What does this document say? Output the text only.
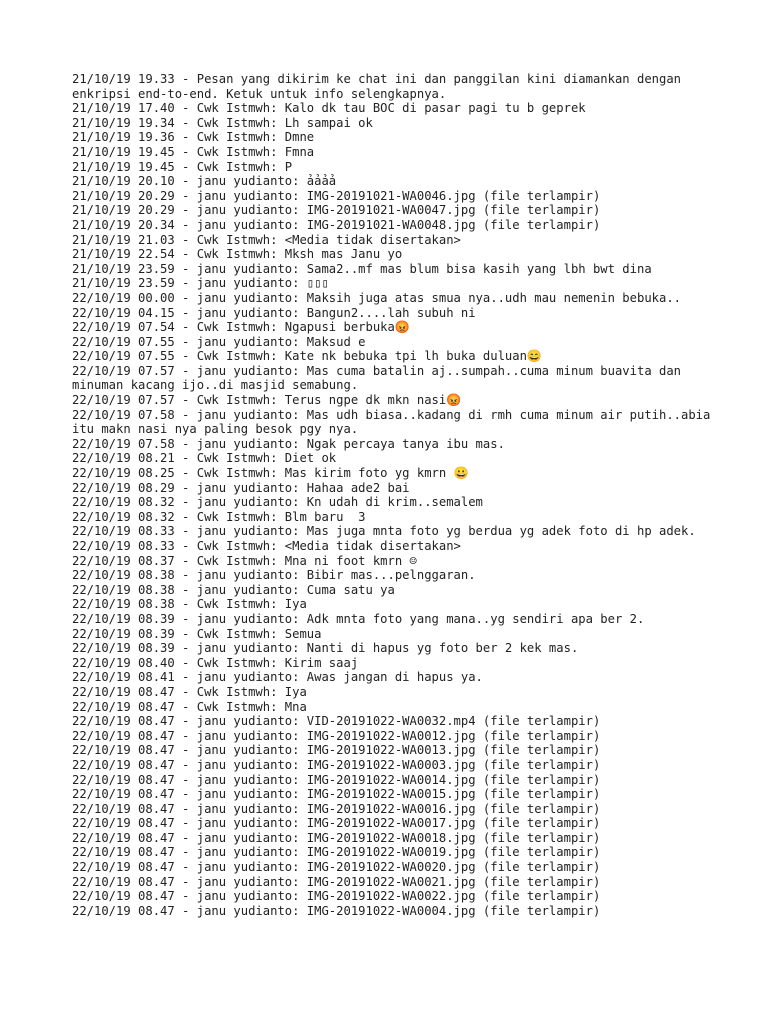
21/10/19 19.33 - Pesan yang dikirim ke chat ini dan panggilan kini diamankan dengan enkripsi end-to-end. Ketuk untuk info selengkapnya.
21/10/19 17.40 - Cwk Istmwh: Kalo dk tau BOC di pasar pagi tu b geprek
21/10/19 19.34 - Cwk Istmwh: Lh sampai ok
21/10/19 19.36 - Cwk Istmwh: Dmne
21/10/19 19.45 - Cwk Istmwh: Fmna
21/10/19 19.45 - Cwk Istmwh: P
21/10/19 20.10 - janu yudianto: ảảảả
21/10/19 20.29 - janu yudianto: IMG-20191021-WA0046.jpg (file terlampir)
21/10/19 20.29 - janu yudianto: IMG-20191021-WA0047.jpg (file terlampir)
21/10/19 20.34 - janu yudianto: IMG-20191021-WA0048.jpg (file terlampir)
21/10/19 21.03 - Cwk Istmwh: <Media tidak disertakan>
21/10/19 22.54 - Cwk Istmwh: Mksh mas Janu yo
21/10/19 23.59 - janu yudianto: Sama2..mf mas blum bisa kasih yang lbh bwt dina
21/10/19 23.59 - janu yudianto: ▯▯▯
22/10/19 00.00 - janu yudianto: Maksih juga atas smua nya..udh mau nemenin bebuka..
22/10/19 04.15 - janu yudianto: Bangun2....lah subuh ni
22/10/19 07.54 - Cwk Istmwh: Ngapusi berbuka😡
22/10/19 07.55 - janu yudianto: Maksud e
22/10/19 07.55 - Cwk Istmwh: Kate nk bebuka tpi lh buka duluan😄
22/10/19 07.57 - janu yudianto: Mas cuma batalin aj..sumpah..cuma minum buavita dan minuman kacang ijo..di masjid semabung.
22/10/19 07.57 - Cwk Istmwh: Terus ngpe dk mkn nasi😡
22/10/19 07.58 - janu yudianto: Mas udh biasa..kadang di rmh cuma minum air putih..abia itu makn nasi nya paling besok pgy nya.
22/10/19 07.58 - janu yudianto: Ngak percaya tanya ibu mas.
22/10/19 08.21 - Cwk Istmwh: Diet ok
22/10/19 08.25 - Cwk Istmwh: Mas kirim foto yg kmrn 😀
22/10/19 08.29 - janu yudianto: Hahaa ade2 bai
22/10/19 08.32 - janu yudianto: Kn udah di krim..semalem
22/10/19 08.32 - Cwk Istmwh: Blm baru  3
22/10/19 08.33 - janu yudianto: Mas juga mnta foto yg berdua yg adek foto di hp adek.
22/10/19 08.33 - Cwk Istmwh: <Media tidak disertakan>
22/10/19 08.37 - Cwk Istmwh: Mna ni foot kmrn ☺
22/10/19 08.38 - janu yudianto: Bibir mas...pelnggaran.
22/10/19 08.38 - janu yudianto: Cuma satu ya
22/10/19 08.38 - Cwk Istmwh: Iya
22/10/19 08.39 - janu yudianto: Adk mnta foto yang mana..yg sendiri apa ber 2.
22/10/19 08.39 - Cwk Istmwh: Semua
22/10/19 08.39 - janu yudianto: Nanti di hapus yg foto ber 2 kek mas.
22/10/19 08.40 - Cwk Istmwh: Kirim saaj
22/10/19 08.41 - janu yudianto: Awas jangan di hapus ya.
22/10/19 08.47 - Cwk Istmwh: Iya
22/10/19 08.47 - Cwk Istmwh: Mna
22/10/19 08.47 - janu yudianto: VID-20191022-WA0032.mp4 (file terlampir)
22/10/19 08.47 - janu yudianto: IMG-20191022-WA0012.jpg (file terlampir)
22/10/19 08.47 - janu yudianto: IMG-20191022-WA0013.jpg (file terlampir)
22/10/19 08.47 - janu yudianto: IMG-20191022-WA0003.jpg (file terlampir)
22/10/19 08.47 - janu yudianto: IMG-20191022-WA0014.jpg (file terlampir)
22/10/19 08.47 - janu yudianto: IMG-20191022-WA0015.jpg (file terlampir)
22/10/19 08.47 - janu yudianto: IMG-20191022-WA0016.jpg (file terlampir)
22/10/19 08.47 - janu yudianto: IMG-20191022-WA0017.jpg (file terlampir)
22/10/19 08.47 - janu yudianto: IMG-20191022-WA0018.jpg (file terlampir)
22/10/19 08.47 - janu yudianto: IMG-20191022-WA0019.jpg (file terlampir)
22/10/19 08.47 - janu yudianto: IMG-20191022-WA0020.jpg (file terlampir)
22/10/19 08.47 - janu yudianto: IMG-20191022-WA0021.jpg (file terlampir)
22/10/19 08.47 - janu yudianto: IMG-20191022-WA0022.jpg (file terlampir)
22/10/19 08.47 - janu yudianto: IMG-20191022-WA0004.jpg (file terlampir)
